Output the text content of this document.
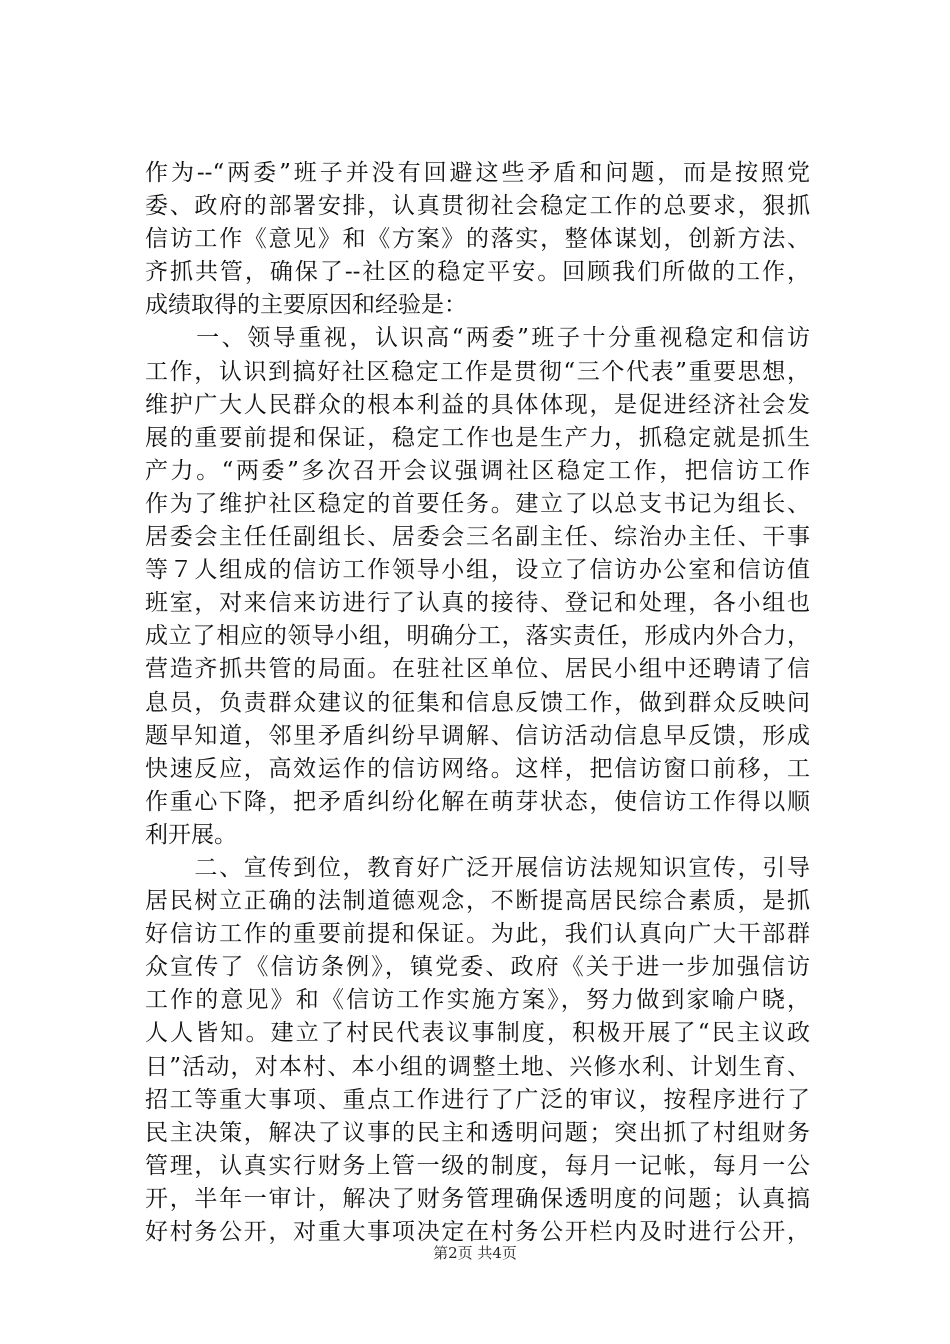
作为--“两委”班子并没有回避这些矛盾和问题，而是按照党
委、政府的部署安排，认真贯彻社会稳定工作的总要求，狠抓
信访工作《意见》和《方案》的落实，整体谋划，创新方法、
齐抓共管，确保了--社区的稳定平安。回顾我们所做的工作，
成绩取得的主要原因和经验是：
　　一、领导重视，认识高“两委”班子十分重视稳定和信访
工作，认识到搞好社区稳定工作是贯彻“三个代表”重要思想，
维护广大人民群众的根本利益的具体体现，是促进经济社会发
展的重要前提和保证，稳定工作也是生产力，抓稳定就是抓生
产力。“两委”多次召开会议强调社区稳定工作，把信访工作
作为了维护社区稳定的首要任务。建立了以总支书记为组长、
居委会主任任副组长、居委会三名副主任、综治办主任、干事
等７人组成的信访工作领导小组，设立了信访办公室和信访值
班室，对来信来访进行了认真的接待、登记和处理，各小组也
成立了相应的领导小组，明确分工，落实责任，形成内外合力，
营造齐抓共管的局面。在驻社区单位、居民小组中还聘请了信
息员，负责群众建议的征集和信息反馈工作，做到群众反映问
题早知道，邻里矛盾纠纷早调解、信访活动信息早反馈，形成
快速反应，高效运作的信访网络。这样，把信访窗口前移，工
作重心下降，把矛盾纠纷化解在萌芽状态，使信访工作得以顺
利开展。
　　二、宣传到位，教育好广泛开展信访法规知识宣传，引导
居民树立正确的法制道德观念，不断提高居民综合素质，是抓
好信访工作的重要前提和保证。为此，我们认真向广大干部群
众宣传了《信访条例》，镇党委、政府《关于进一步加强信访
工作的意见》和《信访工作实施方案》，努力做到家喻户晓，
人人皆知。建立了村民代表议事制度，积极开展了“民主议政
日”活动，对本村、本小组的调整土地、兴修水利、计划生育、
招工等重大事项、重点工作进行了广泛的审议，按程序进行了
民主决策，解决了议事的民主和透明问题；突出抓了村组财务
管理，认真实行财务上管一级的制度，每月一记帐，每月一公
开，半年一审计，解决了财务管理确保透明度的问题；认真搞
好村务公开，对重大事项决定在村务公开栏内及时进行公开，
第2页 共4页
